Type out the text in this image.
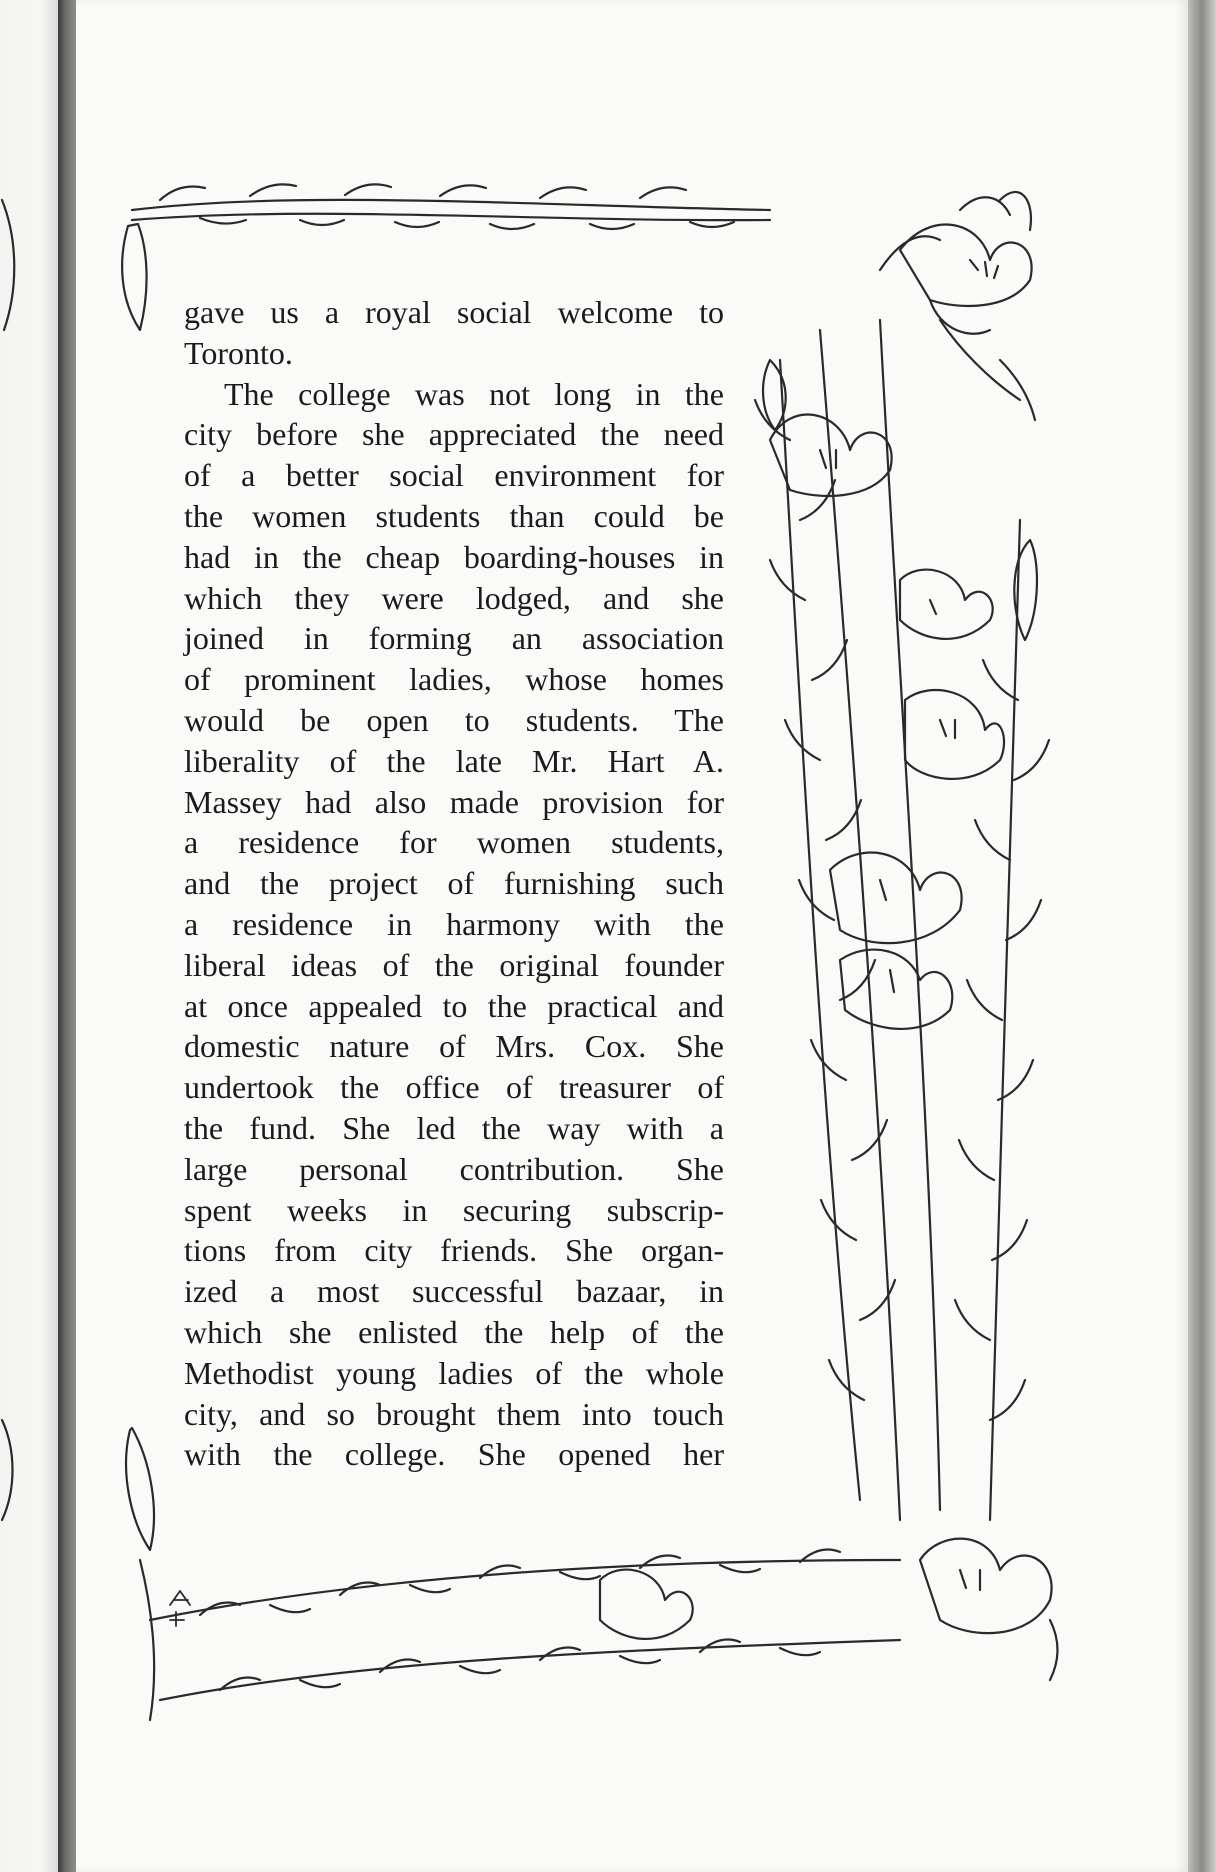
gave us a royal social welcome to
Toronto.
The college was not long in the
city before she appreciated the need
of a better social environment for
the women students than could be
had in the cheap boarding-houses in
which they were lodged, and she
joined in forming an association
of prominent ladies, whose homes
would be open to students. The
liberality of the late Mr. Hart A.
Massey had also made provision for
a residence for women students,
and the project of furnishing such
a residence in harmony with the
liberal ideas of the original founder
at once appealed to the practical and
domestic nature of Mrs. Cox. She
undertook the office of treasurer of
the fund. She led the way with a
large personal contribution. She
spent weeks in securing subscrip-
tions from city friends. She organ-
ized a most successful bazaar, in
which she enlisted the help of the
Methodist young ladies of the whole
city, and so brought them into touch
with the college. She opened her
